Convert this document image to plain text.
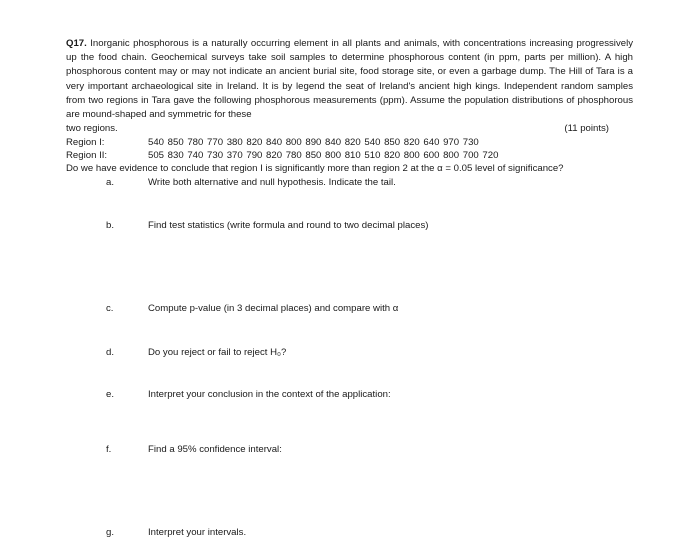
Q17. Inorganic phosphorous is a naturally occurring element in all plants and animals, with concentrations increasing progressively up the food chain. Geochemical surveys take soil samples to determine phosphorous content (in ppm, parts per million). A high phosphorous content may or may not indicate an ancient burial site, food storage site, or even a garbage dump. The Hill of Tara is a very important archaeological site in Ireland. It is by legend the seat of Ireland's ancient high kings. Independent random samples from two regions in Tara gave the following phosphorous measurements (ppm). Assume the population distributions of phosphorous are mound-shaped and symmetric for these
two regions.	(11 points)
Region I:	540 850 780 770 380 820 840 800 890 840 820 540 850 820 640 970 730
Region II:	505 830 740 730 370 790 820 780 850 800 810 510 820 800 600 800 700 720
Do we have evidence to conclude that region I is significantly more than region 2 at the α = 0.05 level of significance?
a.	Write both alternative and null hypothesis. Indicate the tail.
b.	Find test statistics (write formula and round to two decimal places)
c.	Compute p-value (in 3 decimal places) and compare with α
d.	Do you reject or fail to reject H₀?
e.	Interpret your conclusion in the context of the application:
f.	Find a 95% confidence interval:
g.	Interpret your intervals.
